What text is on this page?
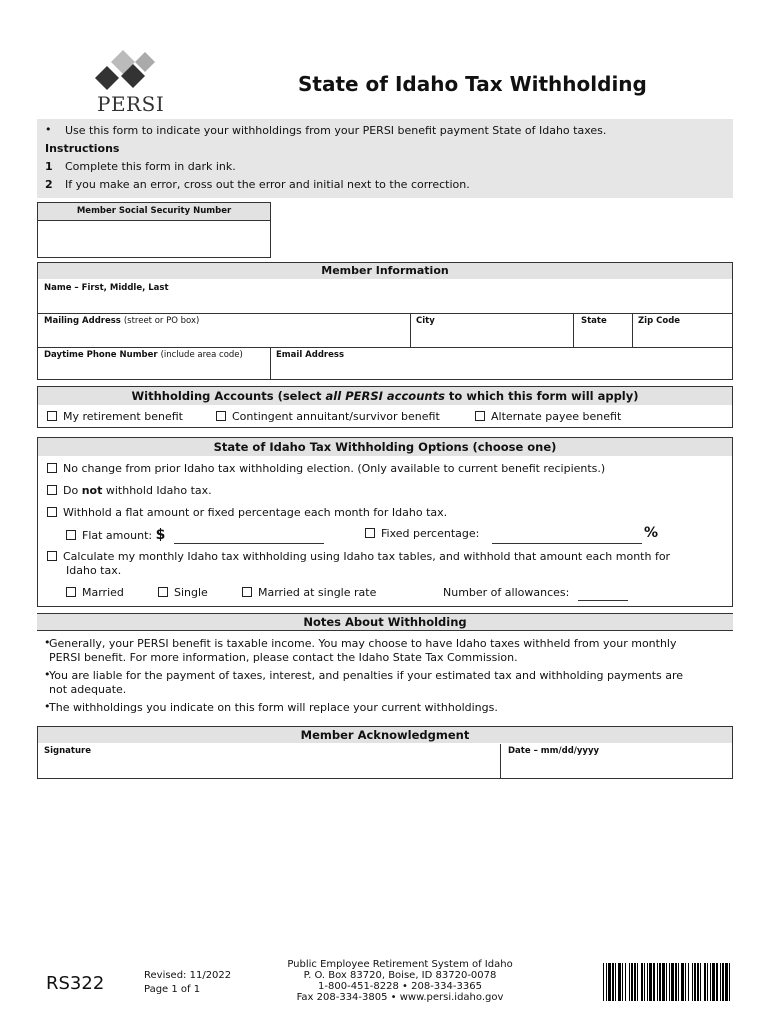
PERSI
State of Idaho Tax Withholding
• Use this form to indicate your withholdings from your PERSI benefit payment State of Idaho taxes.
Instructions
1 Complete this form in dark ink.
2 If you make an error, cross out the error and initial next to the correction.
Member Social Security Number
Member Information
Name – First, Middle, Last
Mailing Address (street or PO box)	City	State	Zip Code
Daytime Phone Number (include area code)	Email Address
Withholding Accounts (select all PERSI accounts to which this form will apply)
My retirement benefit	Contingent annuitant/survivor benefit	Alternate payee benefit
State of Idaho Tax Withholding Options (choose one)
No change from prior Idaho tax withholding election. (Only available to current benefit recipients.)
Do not withhold Idaho tax.
Withhold a flat amount or fixed percentage each month for Idaho tax.
Flat amount: $	Fixed percentage:	%
Calculate my monthly Idaho tax withholding using Idaho tax tables, and withhold that amount each month for
Idaho tax.
Married	Single	Married at single rate	Number of allowances:
Notes About Withholding
•
Generally, your PERSI benefit is taxable income. You may choose to have Idaho taxes withheld from your monthly
PERSI benefit. For more information, please contact the Idaho State Tax Commission.
•
You are liable for the payment of taxes, interest, and penalties if your estimated tax and withholding payments are
not adequate.
•
The withholdings you indicate on this form will replace your current withholdings.
Member Acknowledgment
Signature	Date – mm/dd/yyyy
RS322	Revised: 11/2022
Page 1 of 1
Public Employee Retirement System of Idaho
P. O. Box 83720, Boise, ID 83720-0078
1-800-451-8228 • 208-334-3365
Fax 208-334-3805 • www.persi.idaho.gov
